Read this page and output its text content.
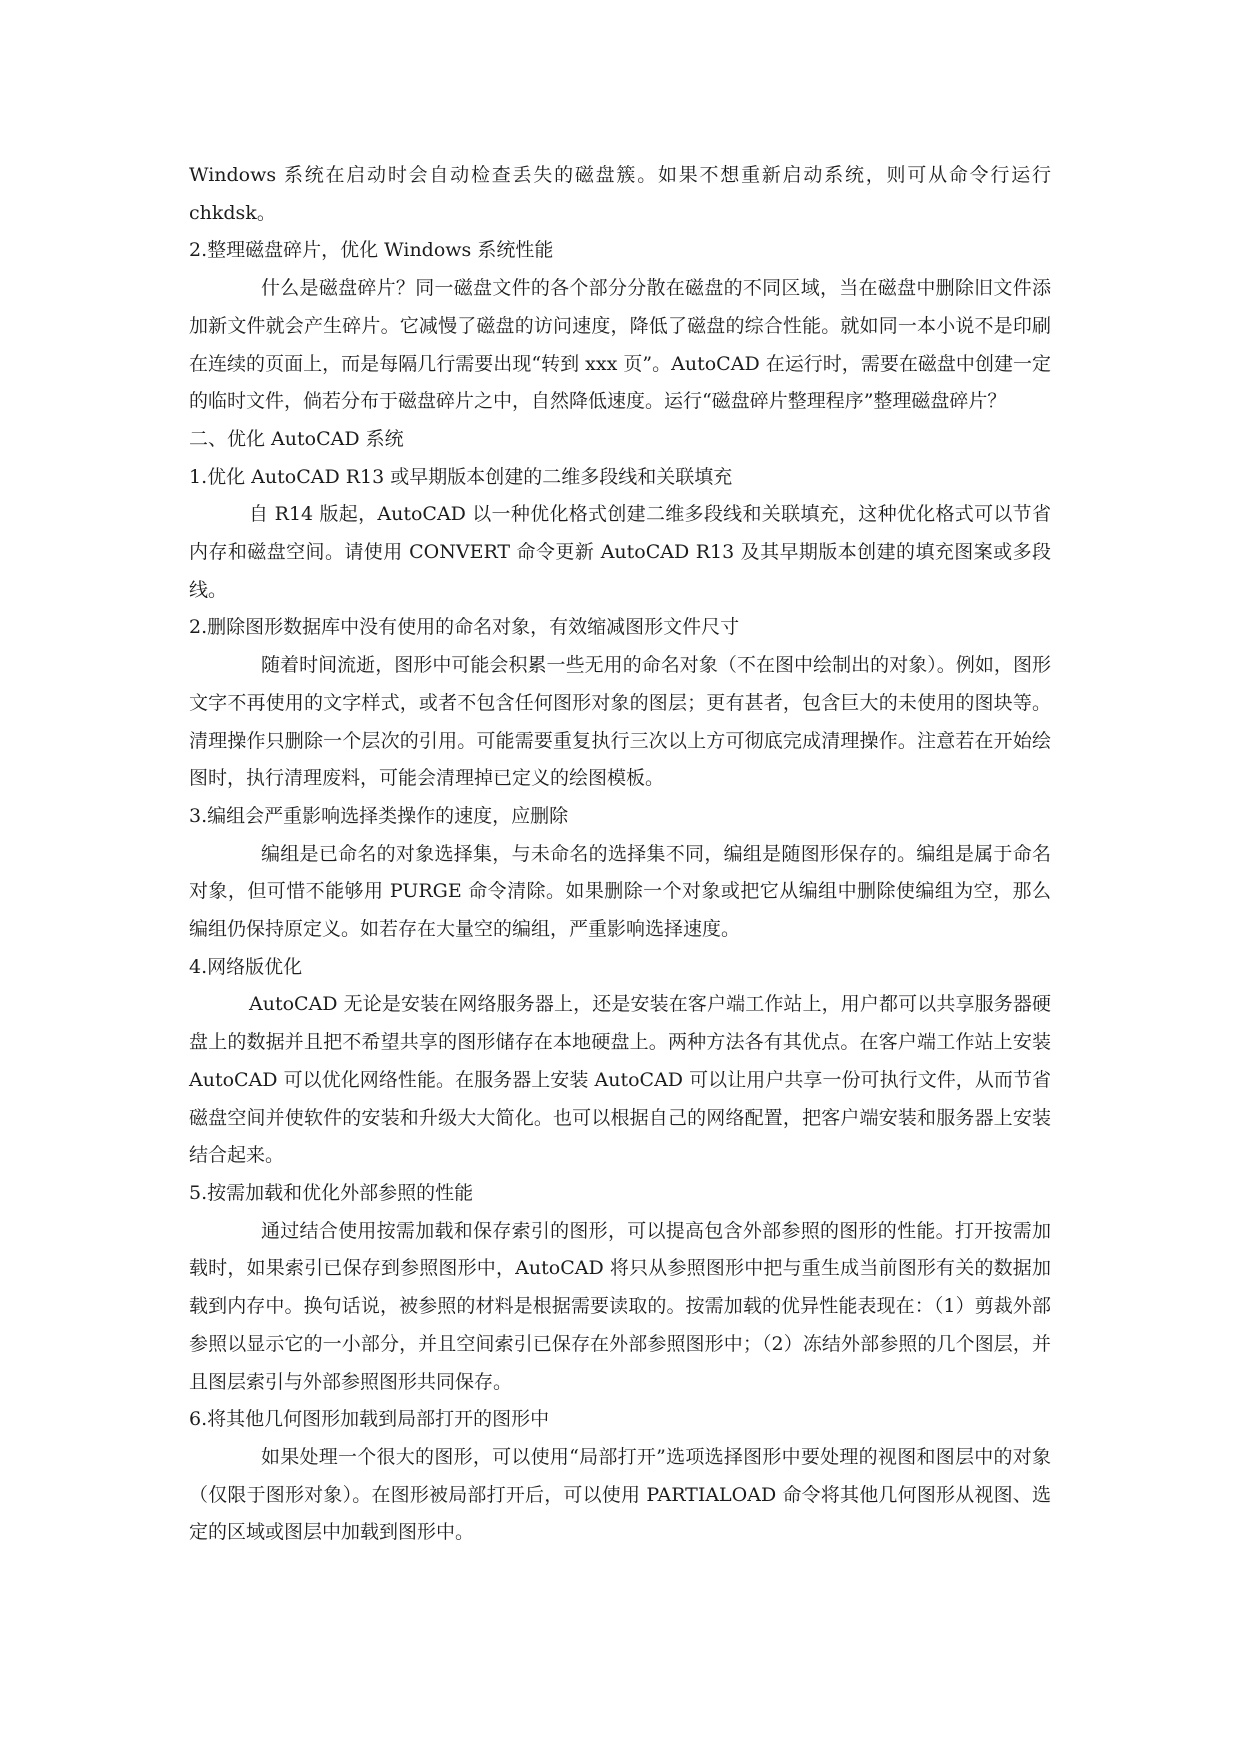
Windows 系统在启动时会自动检查丢失的磁盘簇。如果不想重新启动系统，则可从命令行运行 chkdsk。

2.整理磁盘碎片，优化 Windows 系统性能

什么是磁盘碎片？同一磁盘文件的各个部分分散在磁盘的不同区域，当在磁盘中删除旧文件添加新文件就会产生碎片。它减慢了磁盘的访问速度，降低了磁盘的综合性能。就如同一本小说不是印刷在连续的页面上，而是每隔几行需要出现“转到 xxx 页”。AutoCAD 在运行时，需要在磁盘中创建一定的临时文件，倘若分布于磁盘碎片之中，自然降低速度。运行“磁盘碎片整理程序”整理磁盘碎片？

二、优化 AutoCAD 系统

1.优化 AutoCAD R13 或早期版本创建的二维多段线和关联填充

自 R14 版起，AutoCAD 以一种优化格式创建二维多段线和关联填充，这种优化格式可以节省内存和磁盘空间。请使用 CONVERT 命令更新 AutoCAD R13 及其早期版本创建的填充图案或多段线。

2.删除图形数据库中没有使用的命名对象，有效缩减图形文件尺寸

随着时间流逝，图形中可能会积累一些无用的命名对象（不在图中绘制出的对象）。例如，图形文字不再使用的文字样式，或者不包含任何图形对象的图层；更有甚者，包含巨大的未使用的图块等。清理操作只删除一个层次的引用。可能需要重复执行三次以上方可彻底完成清理操作。注意若在开始绘图时，执行清理废料，可能会清理掉已定义的绘图模板。

3.编组会严重影响选择类操作的速度，应删除

编组是已命名的对象选择集，与未命名的选择集不同，编组是随图形保存的。编组是属于命名对象，但可惜不能够用 PURGE 命令清除。如果删除一个对象或把它从编组中删除使编组为空，那么编组仍保持原定义。如若存在大量空的编组，严重影响选择速度。

4.网络版优化

AutoCAD 无论是安装在网络服务器上，还是安装在客户端工作站上，用户都可以共享服务器硬盘上的数据并且把不希望共享的图形储存在本地硬盘上。两种方法各有其优点。在客户端工作站上安装 AutoCAD 可以优化网络性能。在服务器上安装 AutoCAD 可以让用户共享一份可执行文件，从而节省磁盘空间并使软件的安装和升级大大简化。也可以根据自己的网络配置，把客户端安装和服务器上安装结合起来。

5.按需加载和优化外部参照的性能

通过结合使用按需加载和保存索引的图形，可以提高包含外部参照的图形的性能。打开按需加载时，如果索引已保存到参照图形中，AutoCAD 将只从参照图形中把与重生成当前图形有关的数据加载到内存中。换句话说，被参照的材料是根据需要读取的。按需加载的优异性能表现在：（1）剪裁外部参照以显示它的一小部分，并且空间索引已保存在外部参照图形中；（2）冻结外部参照的几个图层，并且图层索引与外部参照图形共同保存。

6.将其他几何图形加载到局部打开的图形中

如果处理一个很大的图形，可以使用“局部打开”选项选择图形中要处理的视图和图层中的对象（仅限于图形对象）。在图形被局部打开后，可以使用 PARTIALOAD 命令将其他几何图形从视图、选定的区域或图层中加载到图形中。
